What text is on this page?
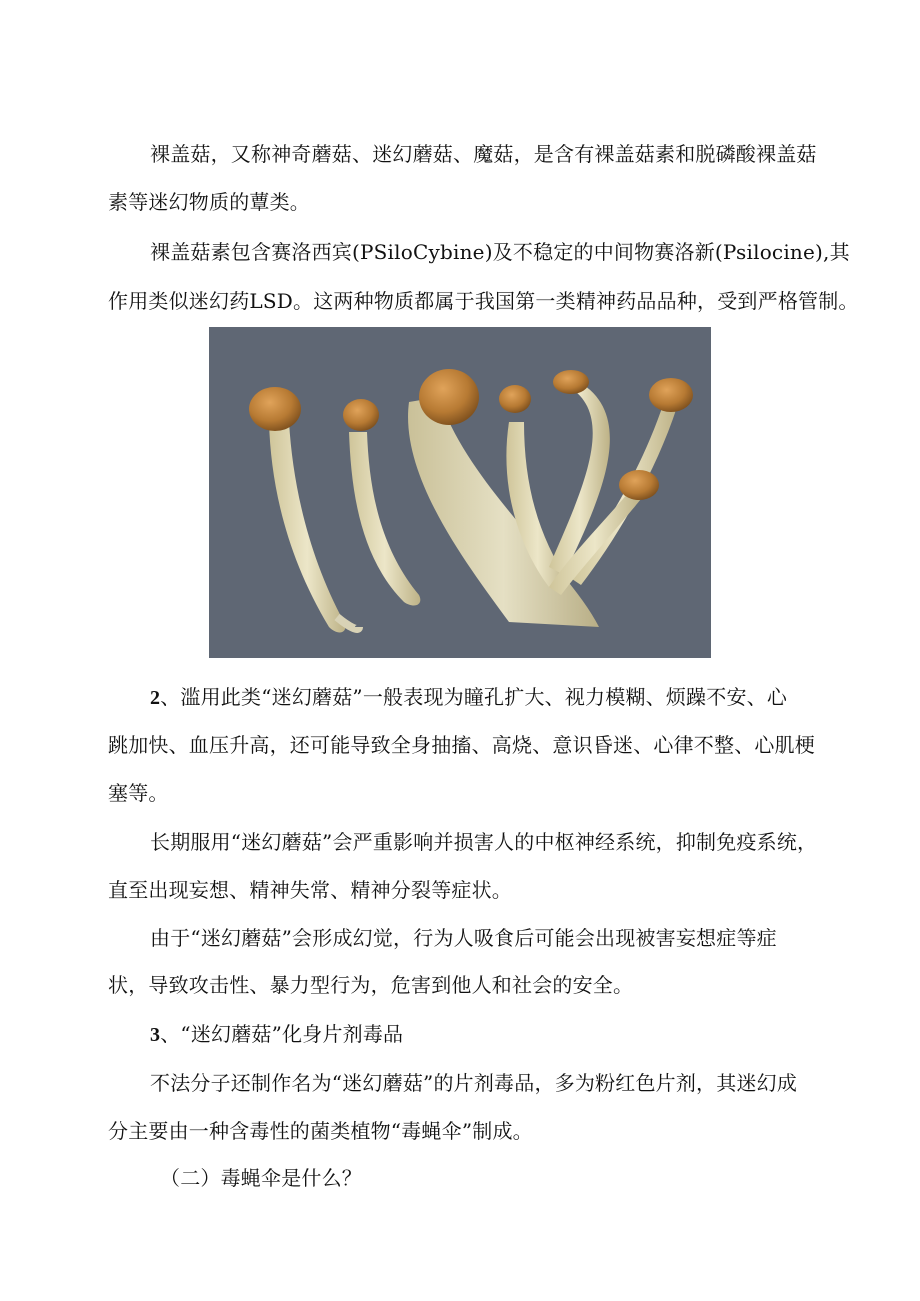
裸盖菇，又称神奇蘑菇、迷幻蘑菇、魔菇，是含有裸盖菇素和脱磷酸裸盖菇
素等迷幻物质的蕈类。
裸盖菇素包含赛洛西宾(PSiloCybine)及不稳定的中间物赛洛新(Psilocine),其
作用类似迷幻药LSD。这两种物质都属于我国第一类精神药品品种，受到严格管制。
2、滥用此类“迷幻蘑菇”一般表现为瞳孔扩大、视力模糊、烦躁不安、心
跳加快、血压升高，还可能导致全身抽搐、高烧、意识昏迷、心律不整、心肌梗
塞等。
长期服用“迷幻蘑菇”会严重影响并损害人的中枢神经系统，抑制免疫系统，
直至出现妄想、精神失常、精神分裂等症状。
由于“迷幻蘑菇”会形成幻觉，行为人吸食后可能会出现被害妄想症等症
状，导致攻击性、暴力型行为，危害到他人和社会的安全。
3、“迷幻蘑菇”化身片剂毒品
不法分子还制作名为“迷幻蘑菇”的片剂毒品，多为粉红色片剂，其迷幻成
分主要由一种含毒性的菌类植物“毒蝇伞”制成。
（二）毒蝇伞是什么？
